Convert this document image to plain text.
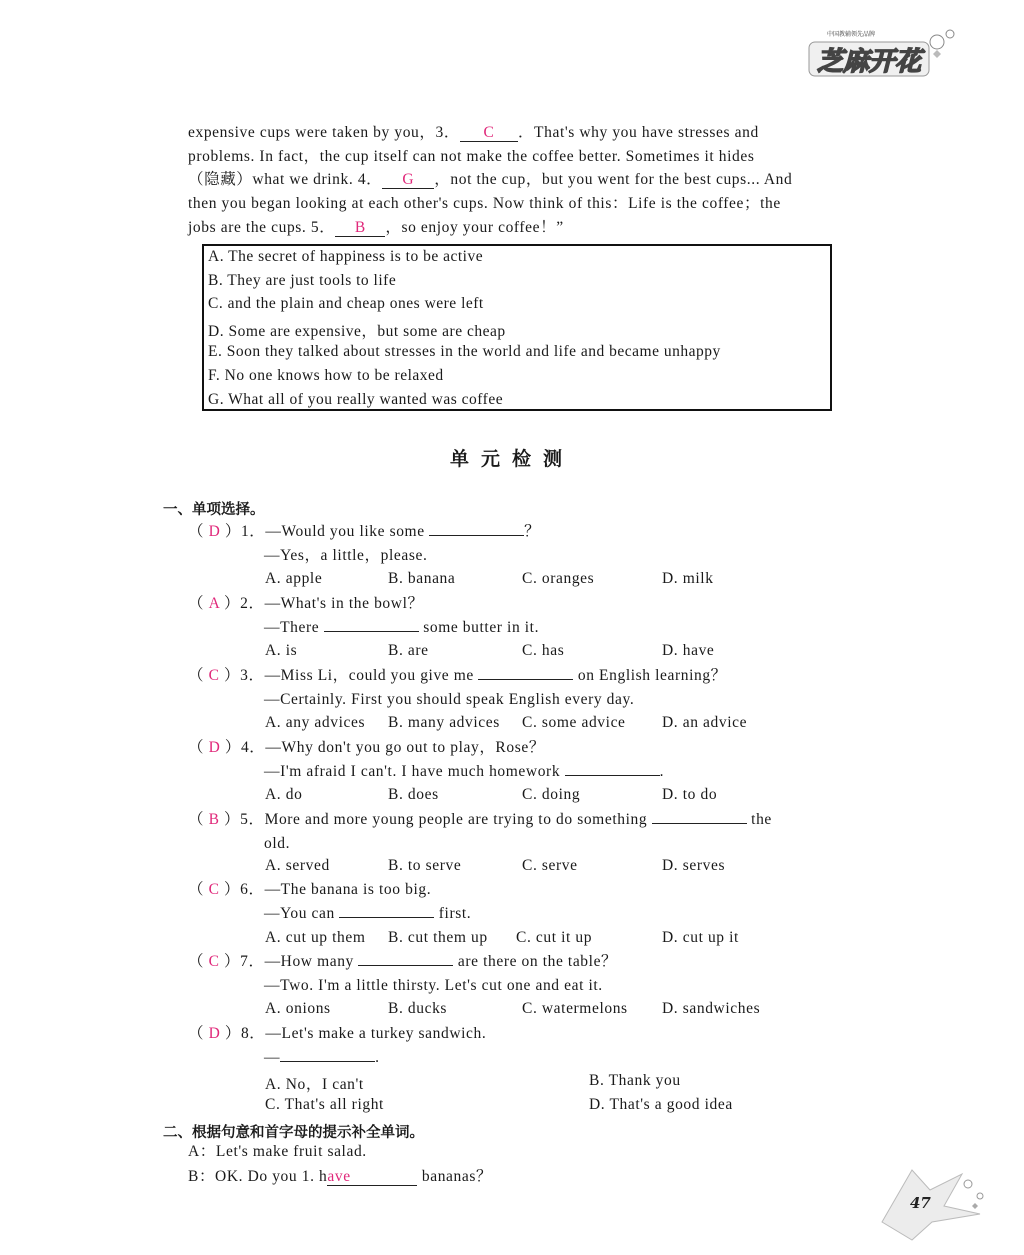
中国教辅领先品牌
芝麻开花
expensive cups were taken by you，3． C ．That's why you have stresses and
problems. In fact，the cup itself can not make the coffee better. Sometimes it hides
（隐藏）what we drink. 4． G ，not the cup，but you went for the best cups... And
then you began looking at each other's cups. Now think of this：Life is the coffee；the
jobs are the cups. 5． B ，so enjoy your coffee！”
A. The secret of happiness is to be active
B. They are just tools to life
C. and the plain and cheap ones were left
D. Some are expensive，but some are cheap
E. Soon they talked about stresses in the world and life and became unhappy
F. No one knows how to be relaxed
G. What all of you really wanted was coffee
单元检测
一、单项选择。
（ D ）1．—Would you like some	？
—Yes，a little，please.
A. apple	B. banana	C. oranges	D. milk
（ A ）2．—What's in the bowl？
—There	some butter in it.
A. is	B. are	C. has	D. have
（ C ）3．—Miss Li，could you give me	on English learning？
—Certainly. First you should speak English every day.
A. any advices B. many advices C. some advice D. an advice
（ D ）4．—Why don't you go out to play，Rose？
—I'm afraid I can't. I have much homework	.
A. do	B. does	C. doing	D. to do
（ B ）5．More and more young people are trying to do something	the
old.
A. served	B. to serve	C. serve	D. serves
（ C ）6．—The banana is too big.
—You can	first.
A. cut up them B. cut them up C. cut it up	D. cut up it
（ C ）7．—How many	are there on the table？
—Two. I'm a little thirsty. Let's cut one and eat it.
A. onions	B. ducks	C. watermelons D. sandwiches
（ D ）8．—Let's make a turkey sandwich.
—	.
A. No，I can't	B. Thank you
C. That's all right	D. That's a good idea
二、根据句意和首字母的提示补全单词。
A：Let's make fruit salad.
B：OK. Do you 1. have	bananas？
47
